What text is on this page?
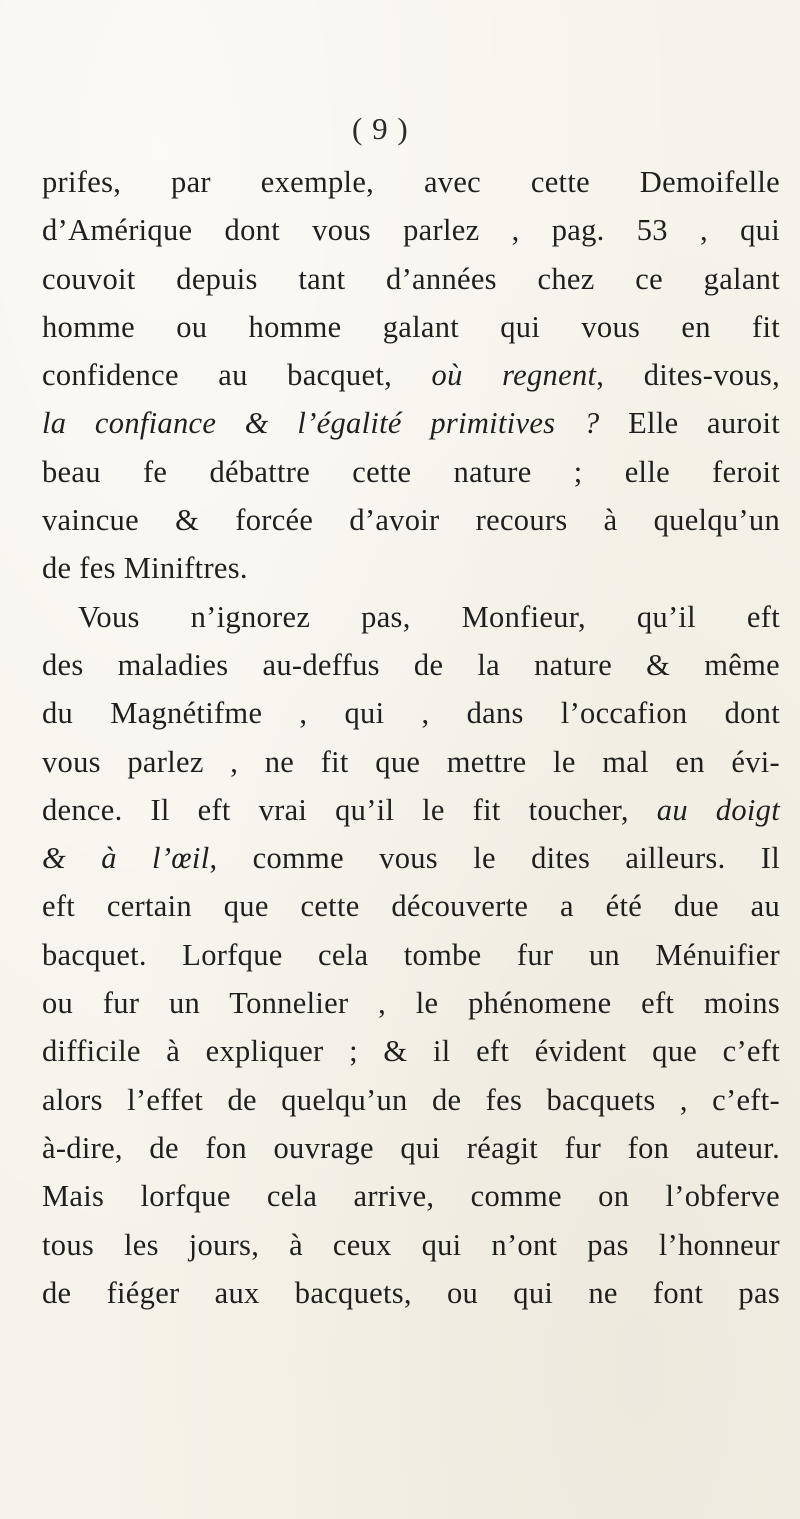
( 9 )
prifes, par exemple, avec cette Demoifelle
d’Amérique dont vous parlez , pag. 53 , qui
couvoit depuis tant d’années chez ce galant
homme ou homme galant qui vous en fit
confidence au bacquet, où regnent, dites-vous,
la confiance & l’égalité primitives ? Elle auroit
beau fe débattre cette nature ; elle feroit
vaincue & forcée d’avoir recours à quelqu’un
de fes Miniftres.
Vous n’ignorez pas, Monfieur, qu’il eft
des maladies au-deffus de la nature & même
du Magnétifme , qui , dans l’occafion dont
vous parlez , ne fit que mettre le mal en évi-
dence. Il eft vrai qu’il le fit toucher, au doigt
& à l’œil, comme vous le dites ailleurs. Il
eft certain que cette découverte a été due au
bacquet. Lorfque cela tombe fur un Ménuifier
ou fur un Tonnelier , le phénomene eft moins
difficile à expliquer ; & il eft évident que c’eft
alors l’effet de quelqu’un de fes bacquets , c’eft-
à-dire, de fon ouvrage qui réagit fur fon auteur.
Mais lorfque cela arrive, comme on l’obferve
tous les jours, à ceux qui n’ont pas l’honneur
de fiéger aux bacquets, ou qui ne font pas
